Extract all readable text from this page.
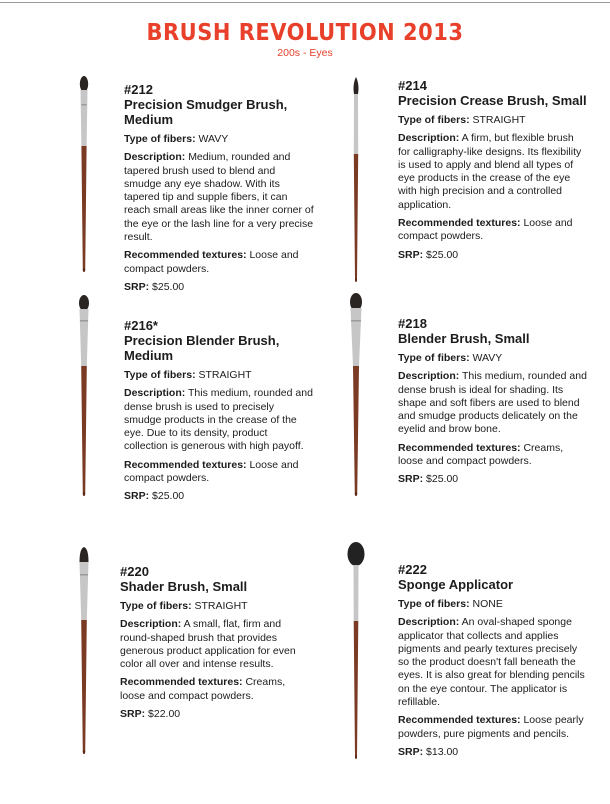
BRUSH REVOLUTION 2013
200s - Eyes
#212
Precision Smudger Brush, Medium
Type of fibers: WAVY
Description: Medium, rounded and tapered brush used to blend and smudge any eye shadow. With its tapered tip and supple fibers, it can reach small areas like the inner corner of the eye or the lash line for a very precise result.
Recommended textures: Loose and compact powders.
SRP: $25.00
#214
Precision Crease Brush, Small
Type of fibers: STRAIGHT
Description: A firm, but flexible brush for calligraphy-like designs. Its flexibility is used to apply and blend all types of eye products in the crease of the eye with high precision and a controlled application.
Recommended textures: Loose and compact powders.
SRP: $25.00
#216*
Precision Blender Brush, Medium
Type of fibers: STRAIGHT
Description: This medium, rounded and dense brush is used to precisely smudge products in the crease of the eye. Due to its density, product collection is generous with high payoff.
Recommended textures: Loose and compact powders.
SRP: $25.00
#218
Blender Brush, Small
Type of fibers: WAVY
Description: This medium, rounded and dense brush is ideal for shading. Its shape and soft fibers are used to blend and smudge products delicately on the eyelid and brow bone.
Recommended textures: Creams, loose and compact powders.
SRP: $25.00
#220
Shader Brush, Small
Type of fibers: STRAIGHT
Description: A small, flat, firm and round-shaped brush that provides generous product application for even color all over and intense results.
Recommended textures: Creams, loose and compact powders.
SRP: $22.00
#222
Sponge Applicator
Type of fibers: NONE
Description: An oval-shaped sponge applicator that collects and applies pigments and pearly textures precisely so the product doesn't fall beneath the eyes. It is also great for blending pencils on the eye contour. The applicator is refillable.
Recommended textures: Loose pearly powders, pure pigments and pencils.
SRP: $13.00
